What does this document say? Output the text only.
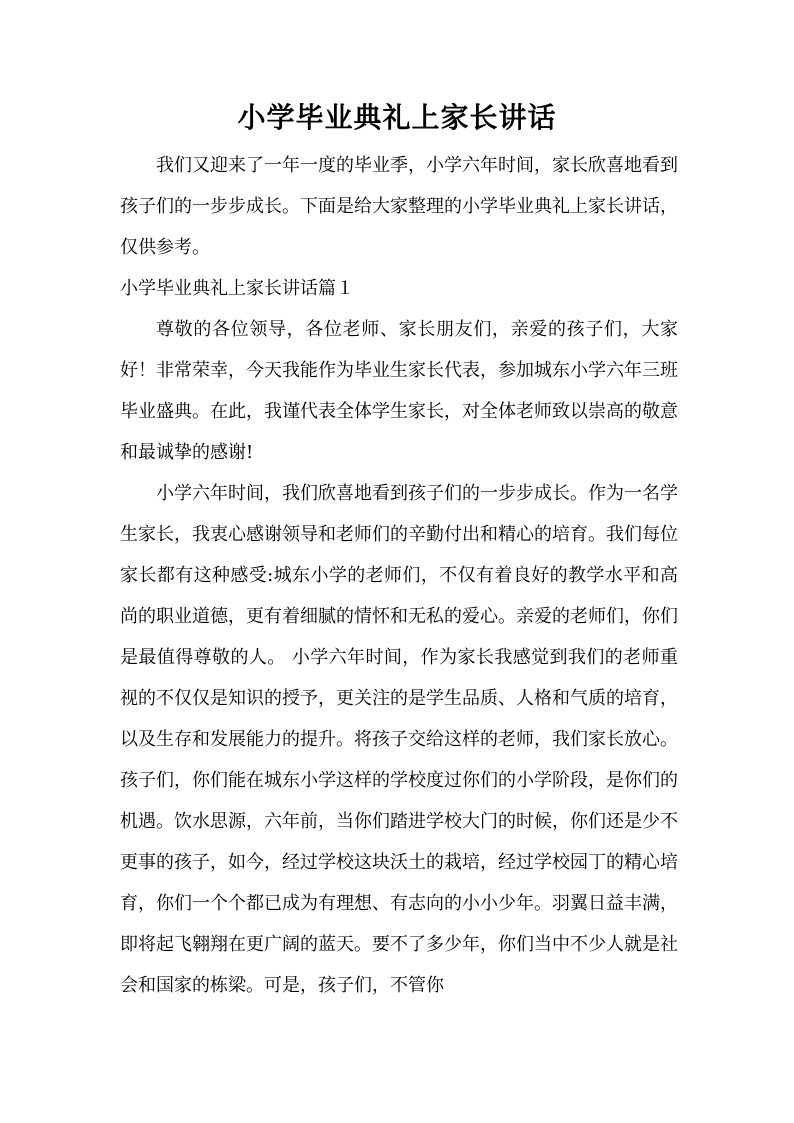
小学毕业典礼上家长讲话

我们又迎来了一年一度的毕业季，小学六年时间，家长欣喜地看到孩子们的一步步成长。下面是给大家整理的小学毕业典礼上家长讲话，仅供参考。

小学毕业典礼上家长讲话篇１

尊敬的各位领导，各位老师、家长朋友们，亲爱的孩子们，大家好！非常荣幸，今天我能作为毕业生家长代表，参加城东小学六年三班毕业盛典。在此，我谨代表全体学生家长，对全体老师致以崇高的敬意和最诚挚的感谢!

小学六年时间，我们欣喜地看到孩子们的一步步成长。作为一名学生家长，我衷心感谢领导和老师们的辛勤付出和精心的培育。我们每位家长都有这种感受:城东小学的老师们，不仅有着良好的教学水平和高尚的职业道德，更有着细腻的情怀和无私的爱心。亲爱的老师们，你们是最值得尊敬的人。 小学六年时间，作为家长我感觉到我们的老师重视的不仅仅是知识的授予，更关注的是学生品质、人格和气质的培育，以及生存和发展能力的提升。将孩子交给这样的老师，我们家长放心。孩子们，你们能在城东小学这样的学校度过你们的小学阶段，是你们的机遇。饮水思源，六年前，当你们踏进学校大门的时候，你们还是少不更事的孩子，如今，经过学校这块沃土的栽培，经过学校园丁的精心培育，你们一个个都已成为有理想、有志向的小小少年。羽翼日益丰满，即将起飞翱翔在更广阔的蓝天。要不了多少年，你们当中不少人就是社会和国家的栋梁。可是，孩子们，不管你
